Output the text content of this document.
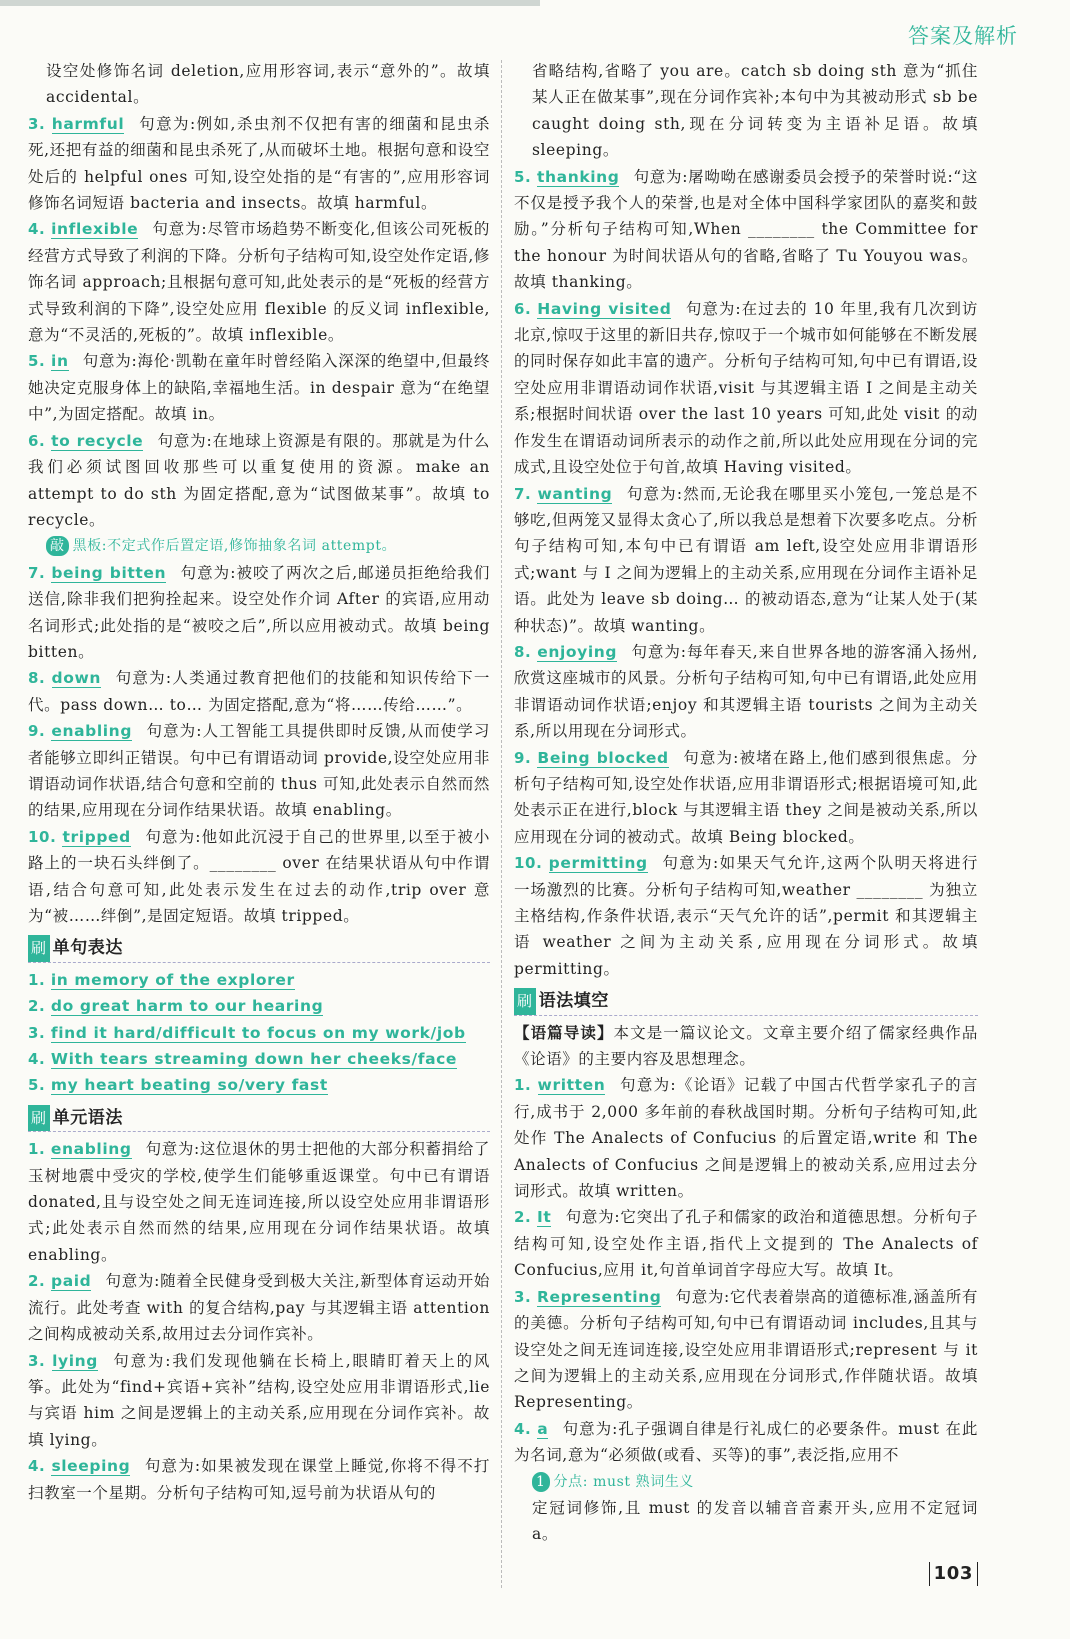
答案及解析

设空处修饰名词 deletion,应用形容词,表示“意外的”。故填 accidental。

3. harmful 句意为:例如,杀虫剂不仅把有害的细菌和昆虫杀死,还把有益的细菌和昆虫杀死了,从而破坏土地。根据句意和设空处后的 helpful ones 可知,设空处指的是“有害的”,应用形容词修饰名词短语 bacteria and insects。故填 harmful。

4. inflexible 句意为:尽管市场趋势不断变化,但该公司死板的经营方式导致了利润的下降。分析句子结构可知,设空处作定语,修饰名词 approach;且根据句意可知,此处表示的是“死板的经营方式导致利润的下降”,设空处应用 flexible 的反义词 inflexible,意为“不灵活的,死板的”。故填 inflexible。

5. in 句意为:海伦·凯勒在童年时曾经陷入深深的绝望中,但最终她决定克服身体上的缺陷,幸福地生活。in despair 意为“在绝望中”,为固定搭配。故填 in。

6. to recycle 句意为:在地球上资源是有限的。那就是为什么我们必须试图回收那些可以重复使用的资源。make an attempt to do sth 为固定搭配,意为“试图做某事”。故填 to recycle。

敲 黑板:不定式作后置定语,修饰抽象名词 attempt。

7. being bitten 句意为:被咬了两次之后,邮递员拒绝给我们送信,除非我们把狗拴起来。设空处作介词 After 的宾语,应用动名词形式;此处指的是“被咬之后”,所以应用被动式。故填 being bitten。

8. down 句意为:人类通过教育把他们的技能和知识传给下一代。pass down… to… 为固定搭配,意为“将……传给……”。

9. enabling 句意为:人工智能工具提供即时反馈,从而使学习者能够立即纠正错误。句中已有谓语动词 provide,设空处应用非谓语动词作状语,结合句意和空前的 thus 可知,此处表示自然而然的结果,应用现在分词作结果状语。故填 enabling。

10. tripped 句意为:他如此沉浸于自己的世界里,以至于被小路上的一块石头绊倒了。________ over 在结果状语从句中作谓语,结合句意可知,此处表示发生在过去的动作,trip over 意为“被……绊倒”,是固定短语。故填 tripped。

刷 单句表达

1. in memory of the explorer

2. do great harm to our hearing

3. find it hard/difficult to focus on my work/job

4. With tears streaming down her cheeks/face

5. my heart beating so/very fast

刷 单元语法

1. enabling 句意为:这位退休的男士把他的大部分积蓄捐给了玉树地震中受灾的学校,使学生们能够重返课堂。句中已有谓语 donated,且与设空处之间无连词连接,所以设空处应用非谓语形式;此处表示自然而然的结果,应用现在分词作结果状语。故填 enabling。

2. paid 句意为:随着全民健身受到极大关注,新型体育运动开始流行。此处考查 with 的复合结构,pay 与其逻辑主语 attention 之间构成被动关系,故用过去分词作宾补。

3. lying 句意为:我们发现他躺在长椅上,眼睛盯着天上的风筝。此处为“find+宾语+宾补”结构,设空处应用非谓语形式,lie 与宾语 him 之间是逻辑上的主动关系,应用现在分词作宾补。故填 lying。

4. sleeping 句意为:如果被发现在课堂上睡觉,你将不得不打扫教室一个星期。分析句子结构可知,逗号前为状语从句的

省略结构,省略了 you are。catch sb doing sth 意为“抓住某人正在做某事”,现在分词作宾补;本句中为其被动形式 sb be caught doing sth,现在分词转变为主语补足语。故填 sleeping。

5. thanking 句意为:屠呦呦在感谢委员会授予的荣誉时说:“这不仅是授予我个人的荣誉,也是对全体中国科学家团队的嘉奖和鼓励。”分析句子结构可知,When ________ the Committee for the honour 为时间状语从句的省略,省略了 Tu Youyou was。故填 thanking。

6. Having visited 句意为:在过去的 10 年里,我有几次到访北京,惊叹于这里的新旧共存,惊叹于一个城市如何能够在不断发展的同时保存如此丰富的遗产。分析句子结构可知,句中已有谓语,设空处应用非谓语动词作状语,visit 与其逻辑主语 I 之间是主动关系;根据时间状语 over the last 10 years 可知,此处 visit 的动作发生在谓语动词所表示的动作之前,所以此处应用现在分词的完成式,且设空处位于句首,故填 Having visited。

7. wanting 句意为:然而,无论我在哪里买小笼包,一笼总是不够吃,但两笼又显得太贪心了,所以我总是想着下次要多吃点。分析句子结构可知,本句中已有谓语 am left,设空处应用非谓语形式;want 与 I 之间为逻辑上的主动关系,应用现在分词作主语补足语。此处为 leave sb doing… 的被动语态,意为“让某人处于(某种状态)”。故填 wanting。

8. enjoying 句意为:每年春天,来自世界各地的游客涌入扬州,欣赏这座城市的风景。分析句子结构可知,句中已有谓语,此处应用非谓语动词作状语;enjoy 和其逻辑主语 tourists 之间为主动关系,所以用现在分词形式。

9. Being blocked 句意为:被堵在路上,他们感到很焦虑。分析句子结构可知,设空处作状语,应用非谓语形式;根据语境可知,此处表示正在进行,block 与其逻辑主语 they 之间是被动关系,所以应用现在分词的被动式。故填 Being blocked。

10. permitting 句意为:如果天气允许,这两个队明天将进行一场激烈的比赛。分析句子结构可知,weather ________ 为独立主格结构,作条件状语,表示“天气允许的话”,permit 和其逻辑主语 weather 之间为主动关系,应用现在分词形式。故填 permitting。

刷 语法填空

【语篇导读】本文是一篇议论文。文章主要介绍了儒家经典作品《论语》的主要内容及思想理念。

1. written 句意为:《论语》记载了中国古代哲学家孔子的言行,成书于 2,000 多年前的春秋战国时期。分析句子结构可知,此处作 The Analects of Confucius 的后置定语,write 和 The Analects of Confucius 之间是逻辑上的被动关系,应用过去分词形式。故填 written。

2. It 句意为:它突出了孔子和儒家的政治和道德思想。分析句子结构可知,设空处作主语,指代上文提到的 The Analects of Confucius,应用 it,句首单词首字母应大写。故填 It。

3. Representing 句意为:它代表着崇高的道德标准,涵盖所有的美德。分析句子结构可知,句中已有谓语动词 includes,且其与设空处之间无连词连接,设空处应用非谓语形式;represent 与 it 之间为逻辑上的主动关系,应用现在分词形式,作伴随状语。故填 Representing。

4. a 句意为:孔子强调自律是行礼成仁的必要条件。must 在此为名词,意为“必须做(或看、买等)的事”,表泛指,应用不

1 分点: must 熟词生义

定冠词修饰,且 must 的发音以辅音音素开头,应用不定冠词 a。

103
